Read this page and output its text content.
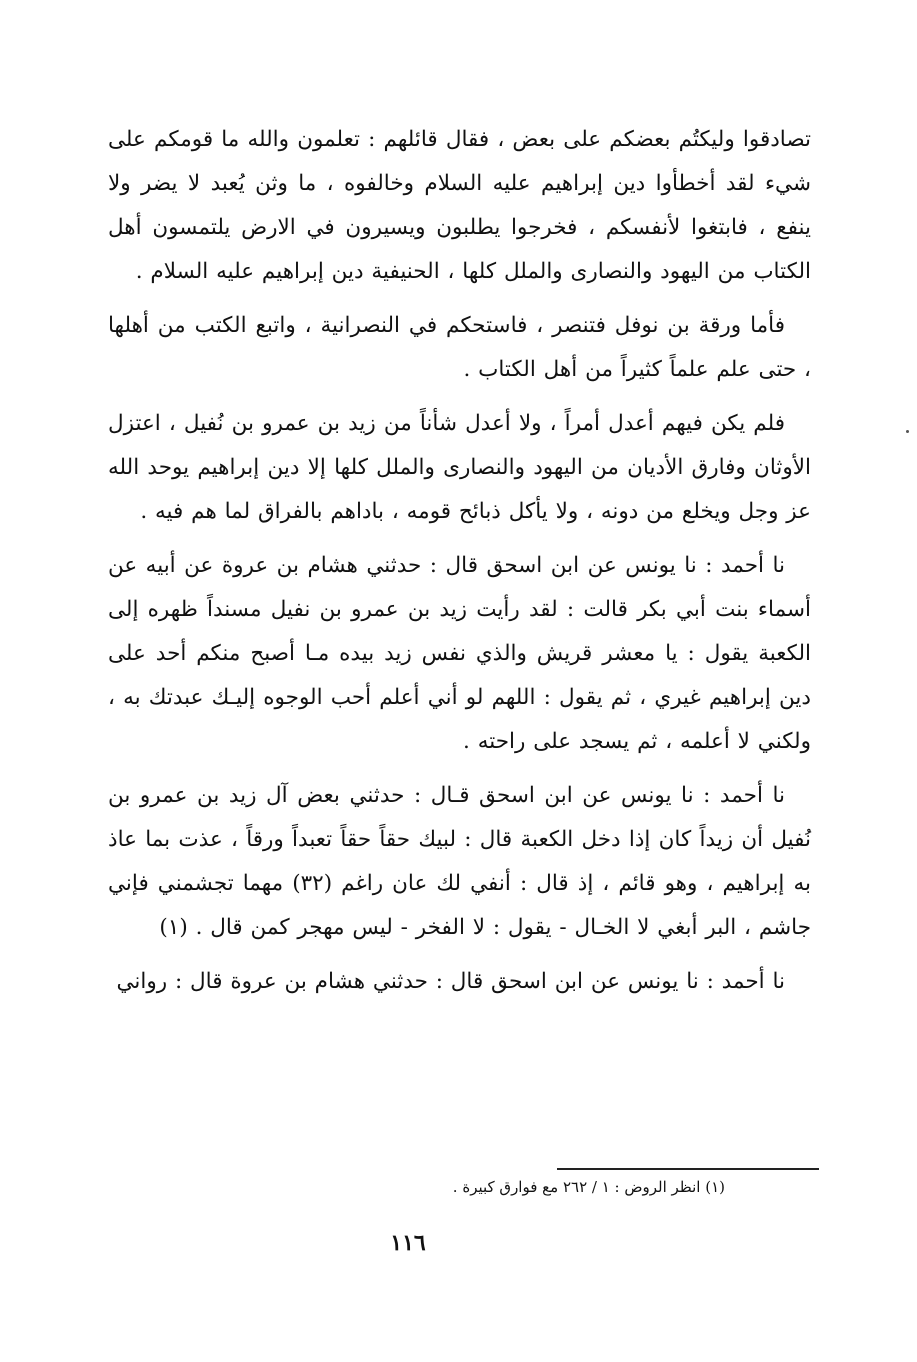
تصادقوا وليكتُم بعضكم على بعض ، فقال قائلهم : تعلمون والله ما قومكم على شيء لقد أخطأوا دين إبراهيم عليه السلام وخالفوه ، ما وثن يُعبد لا يضر ولا ينفع ، فابتغوا لأنفسكم ، فخرجوا يطلبون ويسيرون في الارض يلتمسون أهل الكتاب من اليهود والنصارى والملل كلها ، الحنيفية دين إبراهيم عليه السلام .

فأما ورقة بن نوفل فتنصر ، فاستحكم في النصرانية ، واتبع الكتب من أهلها ، حتى علم علماً كثيراً من أهل الكتاب .

فلم يكن فيهم أعدل أمراً ، ولا أعدل شأناً من زيد بن عمرو بن نُفيل ، اعتزل الأوثان وفارق الأديان من اليهود والنصارى والملل كلها إلا دين إبراهيم يوحد الله عز وجل ويخلع من دونه ، ولا يأكل ذبائح قومه ، باداهم بالفراق لما هم فيه .

نا أحمد : نا يونس عن ابن اسحق قال : حدثني هشام بن عروة عن أبيه عن أسماء بنت أبي بكر قالت : لقد رأيت زيد بن عمرو بن نفيل مسنداً ظهره إلى الكعبة يقول : يا معشر قريش والذي نفس زيد بيده مـا أصبح منكم أحد على دين إبراهيم غيري ، ثم يقول : اللهم لو أني أعلم أحب الوجوه إليـك عبدتك به ، ولكني لا أعلمه ، ثم يسجد على راحته .

نا أحمد : نا يونس عن ابن اسحق قـال : حدثني بعض آل زيد بن عمرو بن نُفيل أن زيداً كان إذا دخل الكعبة قال : لبيك حقاً حقاً تعبداً ورقاً ، عذت بما عاذ به إبراهيم ، وهو قائم ، إذ قال : أنفي لك عان راغم (٣٢) مهما تجشمني فإني جاشم ، البر أبغي لا الخـال - يقول : لا الفخر - ليس مهجر كمن قال . (١)

نا أحمد : نا يونس عن ابن اسحق قال : حدثني هشام بن عروة قال : رواني

(١) انظر الروض : ١ / ٢٦٢ مع فوارق كبيرة .
١١٦
